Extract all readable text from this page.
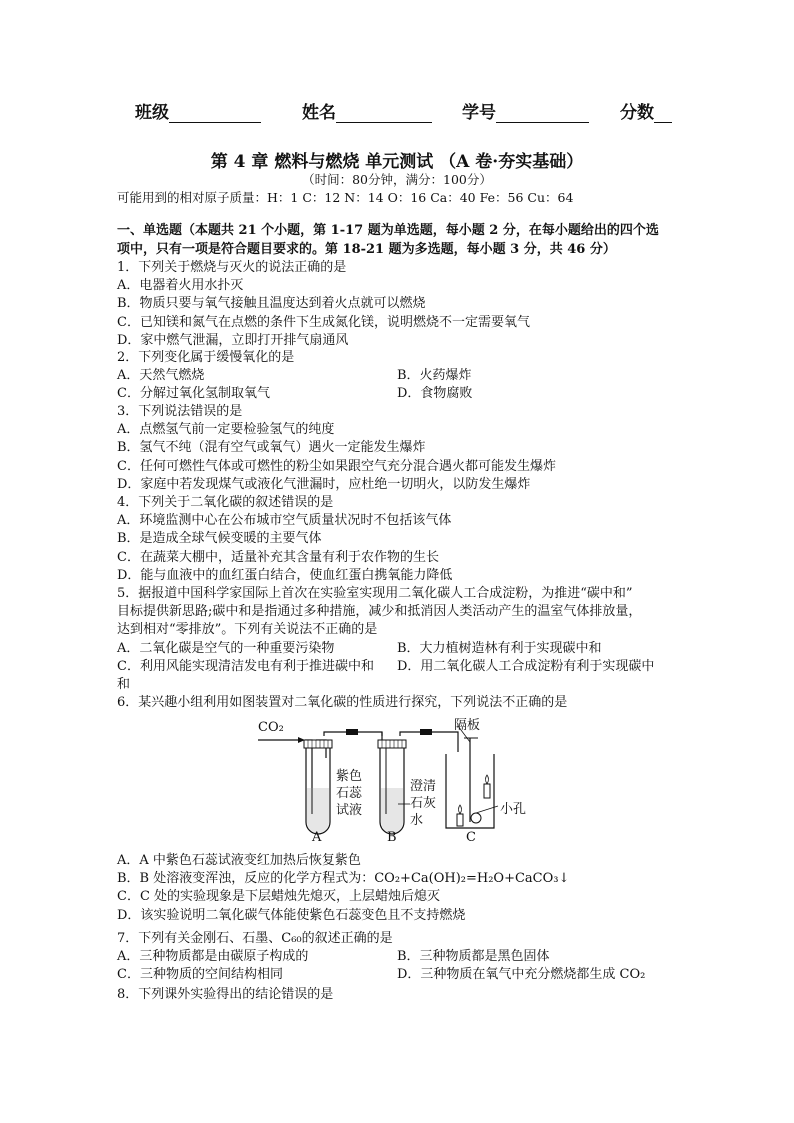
班级	姓名	学号	分数
第 4 章 燃料与燃烧 单元测试 （A 卷·夯实基础）
（时间：80分钟，满分：100分）
可能用到的相对原子质量：H：1 C：12 N：14 O：16 Ca：40 Fe：56 Cu：64
一、单选题（本题共 21 个小题，第 1-17 题为单选题，每小题 2 分，在每小题给出的四个选
项中，只有一项是符合题目要求的。第 18-21 题为多选题，每小题 3 分，共 46 分）
1．下列关于燃烧与灭火的说法正确的是
A．电器着火用水扑灭
B．物质只要与氧气接触且温度达到着火点就可以燃烧
C．已知镁和氮气在点燃的条件下生成氮化镁，说明燃烧不一定需要氧气
D．家中燃气泄漏，立即打开排气扇通风
2．下列变化属于缓慢氧化的是
A．天然气燃烧	B．火药爆炸
C．分解过氧化氢制取氧气	D．食物腐败
3．下列说法错误的是
A．点燃氢气前一定要检验氢气的纯度
B．氢气不纯（混有空气或氧气）遇火一定能发生爆炸
C．任何可燃性气体或可燃性的粉尘如果跟空气充分混合遇火都可能发生爆炸
D．家庭中若发现煤气或液化气泄漏时，应杜绝一切明火，以防发生爆炸
4．下列关于二氧化碳的叙述错误的是
A．环境监测中心在公布城市空气质量状况时不包括该气体
B．是造成全球气候变暖的主要气体
C．在蔬菜大棚中，适量补充其含量有利于农作物的生长
D．能与血液中的血红蛋白结合，使血红蛋白携氧能力降低
5．据报道中国科学家国际上首次在实验室实现用二氧化碳人工合成淀粉，为推进“碳中和”
目标提供新思路;碳中和是指通过多种措施，减少和抵消因人类活动产生的温室气体排放量，
达到相对“零排放”。下列有关说法不正确的是
A．二氧化碳是空气的一种重要污染物	B．大力植树造林有利于实现碳中和
C．利用风能实现清洁发电有利于推进碳中和 D．用二氧化碳人工合成淀粉有利于实现碳中
和
6．某兴趣小组利用如图装置对二氧化碳的性质进行探究，下列说法不正确的是
CO₂
紫色
石蕊
试液
澄清
石灰
水
隔板
小孔
A	B	C
A．A 中紫色石蕊试液变红加热后恢复紫色
B．B 处溶液变浑浊，反应的化学方程式为：CO₂+Ca(OH)₂=H₂O+CaCO₃↓
C．C 处的实验现象是下层蜡烛先熄灭，上层蜡烛后熄灭
D．该实验说明二氧化碳气体能使紫色石蕊变色且不支持燃烧
7．下列有关金刚石、石墨、C₆₀的叙述正确的是
A．三种物质都是由碳原子构成的	B．三种物质都是黑色固体
C．三种物质的空间结构相同	D．三种物质在氧气中充分燃烧都生成 CO₂
8．下列课外实验得出的结论错误的是
